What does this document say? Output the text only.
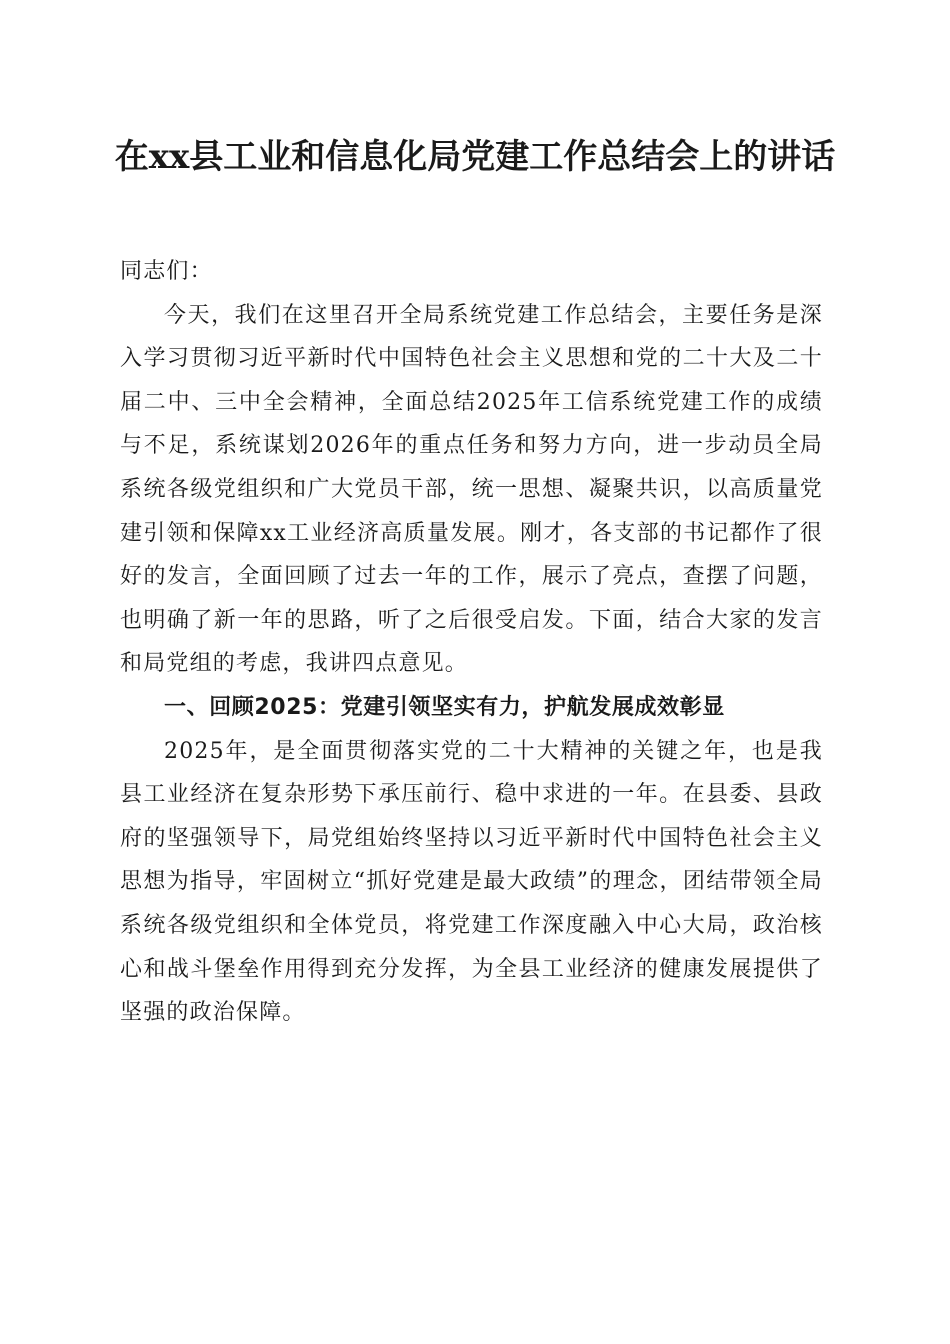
在xx县工业和信息化局党建工作总结会上的讲话

同志们：

今天，我们在这里召开全局系统党建工作总结会，主要任务是深入学习贯彻习近平新时代中国特色社会主义思想和党的二十大及二十届二中、三中全会精神，全面总结2025年工信系统党建工作的成绩与不足，系统谋划2026年的重点任务和努力方向，进一步动员全局系统各级党组织和广大党员干部，统一思想、凝聚共识，以高质量党建引领和保障xx工业经济高质量发展。刚才，各支部的书记都作了很好的发言，全面回顾了过去一年的工作，展示了亮点，查摆了问题，也明确了新一年的思路，听了之后很受启发。下面，结合大家的发言和局党组的考虑，我讲四点意见。

一、回顾2025：党建引领坚实有力，护航发展成效彰显

2025年，是全面贯彻落实党的二十大精神的关键之年，也是我县工业经济在复杂形势下承压前行、稳中求进的一年。在县委、县政府的坚强领导下，局党组始终坚持以习近平新时代中国特色社会主义思想为指导，牢固树立“抓好党建是最大政绩”的理念，团结带领全局系统各级党组织和全体党员，将党建工作深度融入中心大局，政治核心和战斗堡垒作用得到充分发挥，为全县工业经济的健康发展提供了坚强的政治保障。
